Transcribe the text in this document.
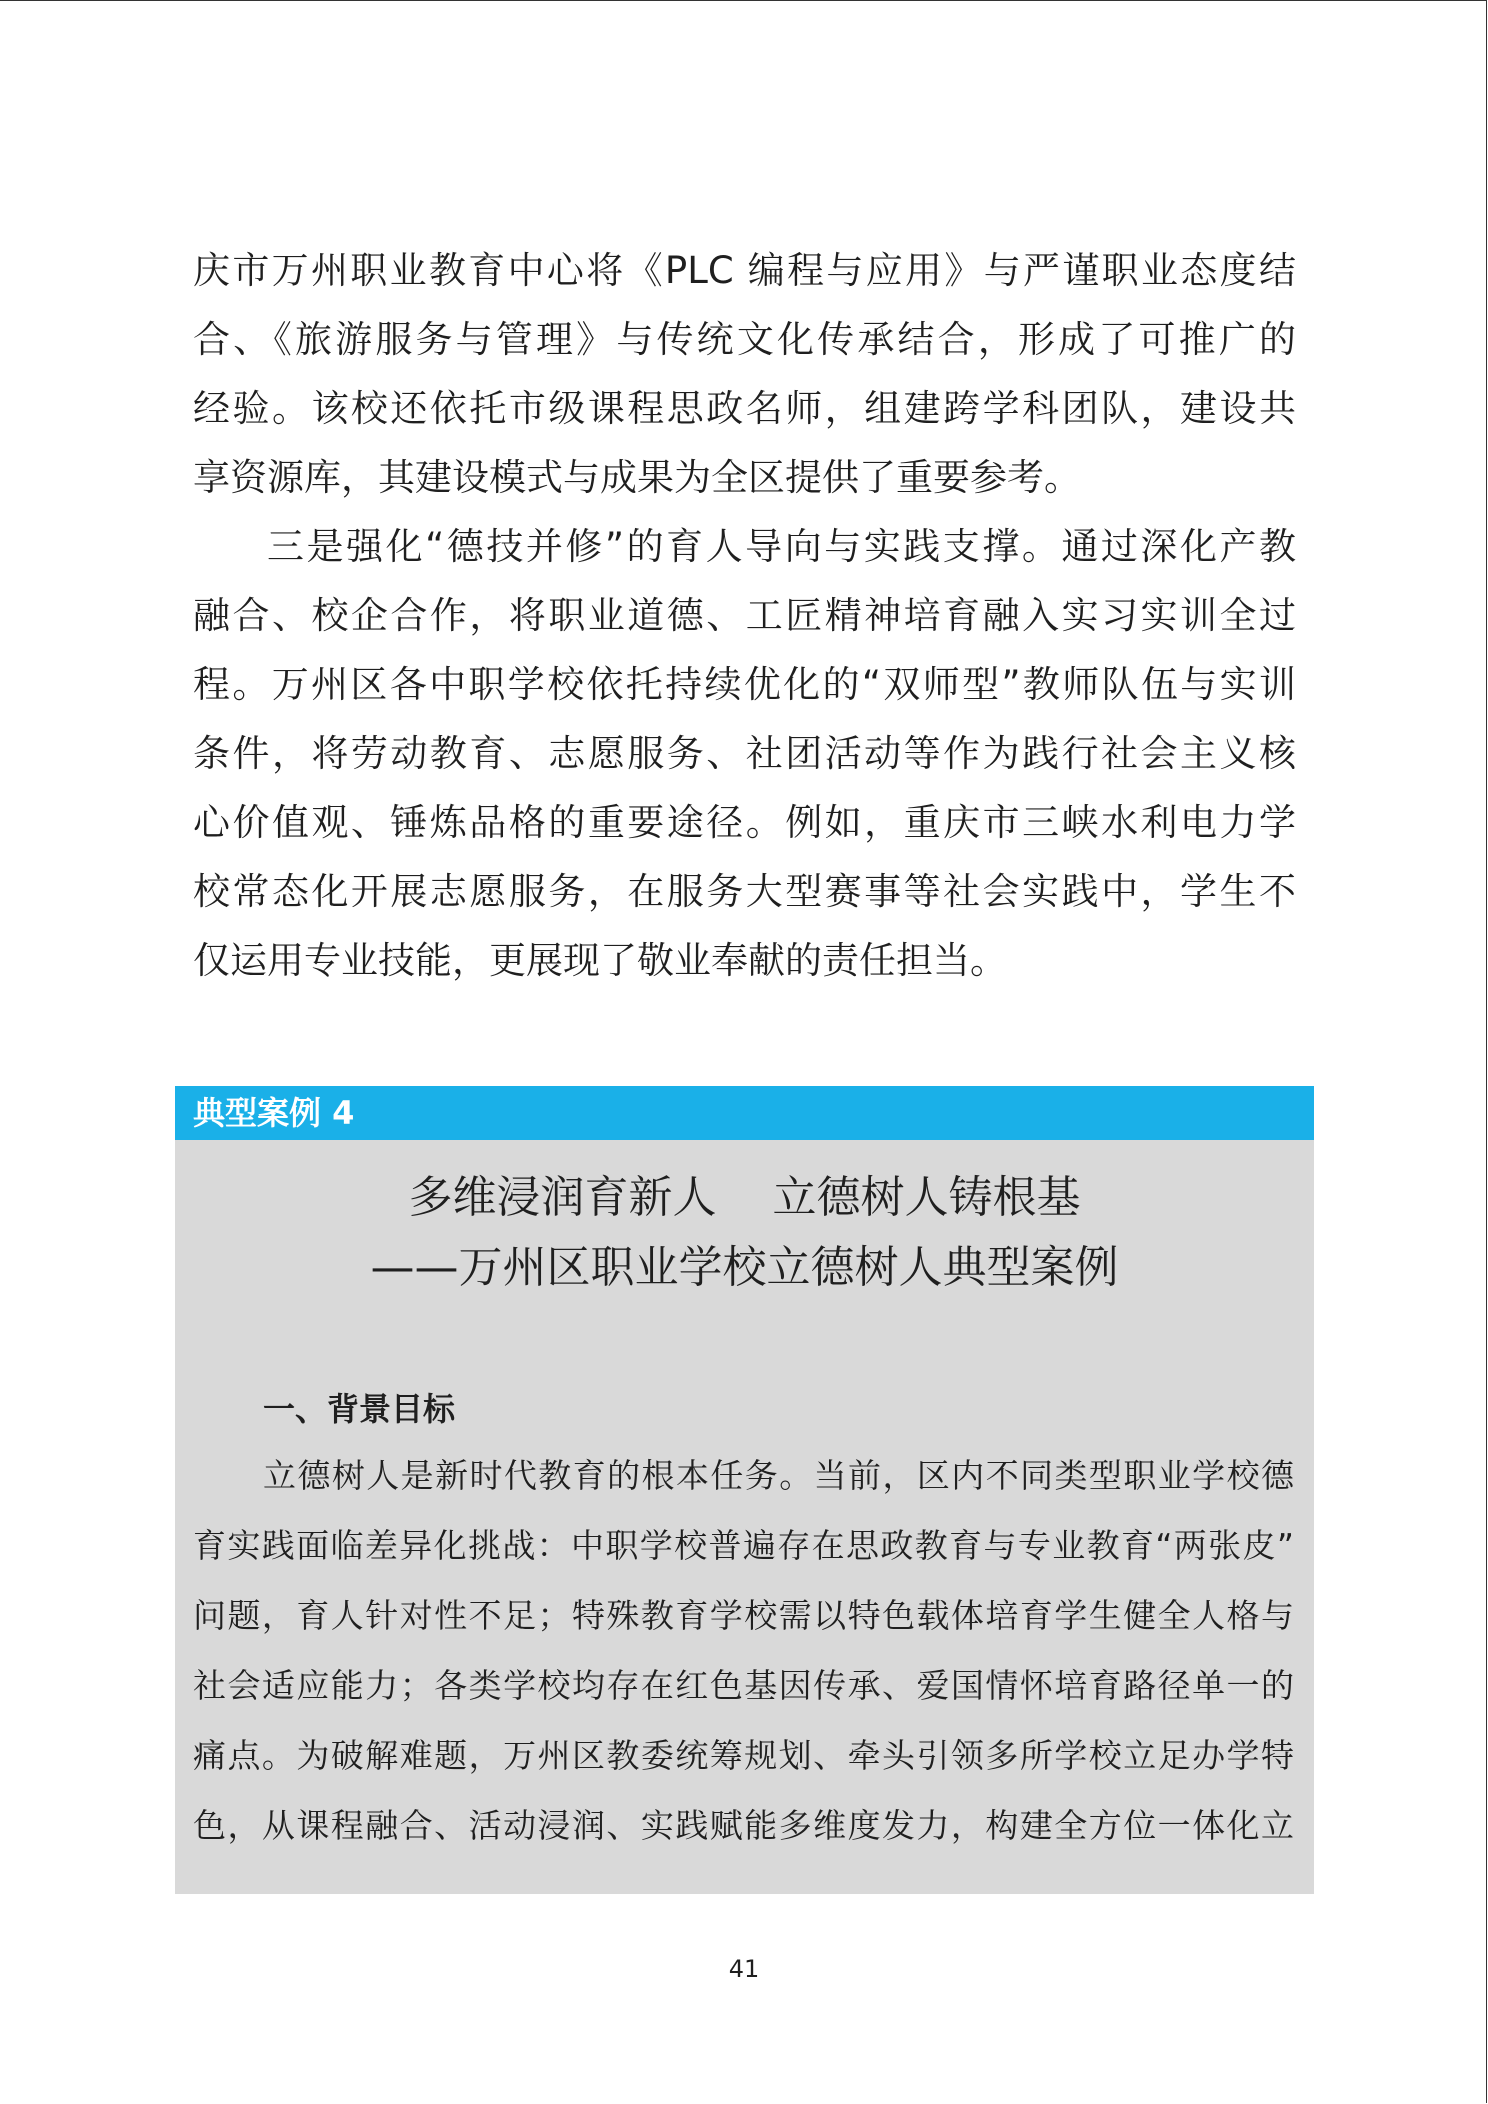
庆市万州职业教育中心将《PLC 编程与应用》与严谨职业态度结
合、《旅游服务与管理》与传统文化传承结合，形成了可推广的
经验。该校还依托市级课程思政名师，组建跨学科团队，建设共
享资源库，其建设模式与成果为全区提供了重要参考。
三是强化“德技并修”的育人导向与实践支撑。通过深化产教
融合、校企合作，将职业道德、工匠精神培育融入实习实训全过
程。万州区各中职学校依托持续优化的“双师型”教师队伍与实训
条件，将劳动教育、志愿服务、社团活动等作为践行社会主义核
心价值观、锤炼品格的重要途径。例如，重庆市三峡水利电力学
校常态化开展志愿服务，在服务大型赛事等社会实践中，学生不
仅运用专业技能，更展现了敬业奉献的责任担当。
典型案例 4
多维浸润育新人    立德树人铸根基
——万州区职业学校立德树人典型案例
一、背景目标
立德树人是新时代教育的根本任务。当前，区内不同类型职业学校德
育实践面临差异化挑战：中职学校普遍存在思政教育与专业教育“两张皮”
问题，育人针对性不足；特殊教育学校需以特色载体培育学生健全人格与
社会适应能力；各类学校均存在红色基因传承、爱国情怀培育路径单一的
痛点。为破解难题，万州区教委统筹规划、牵头引领多所学校立足办学特
色，从课程融合、活动浸润、实践赋能多维度发力，构建全方位一体化立
41
